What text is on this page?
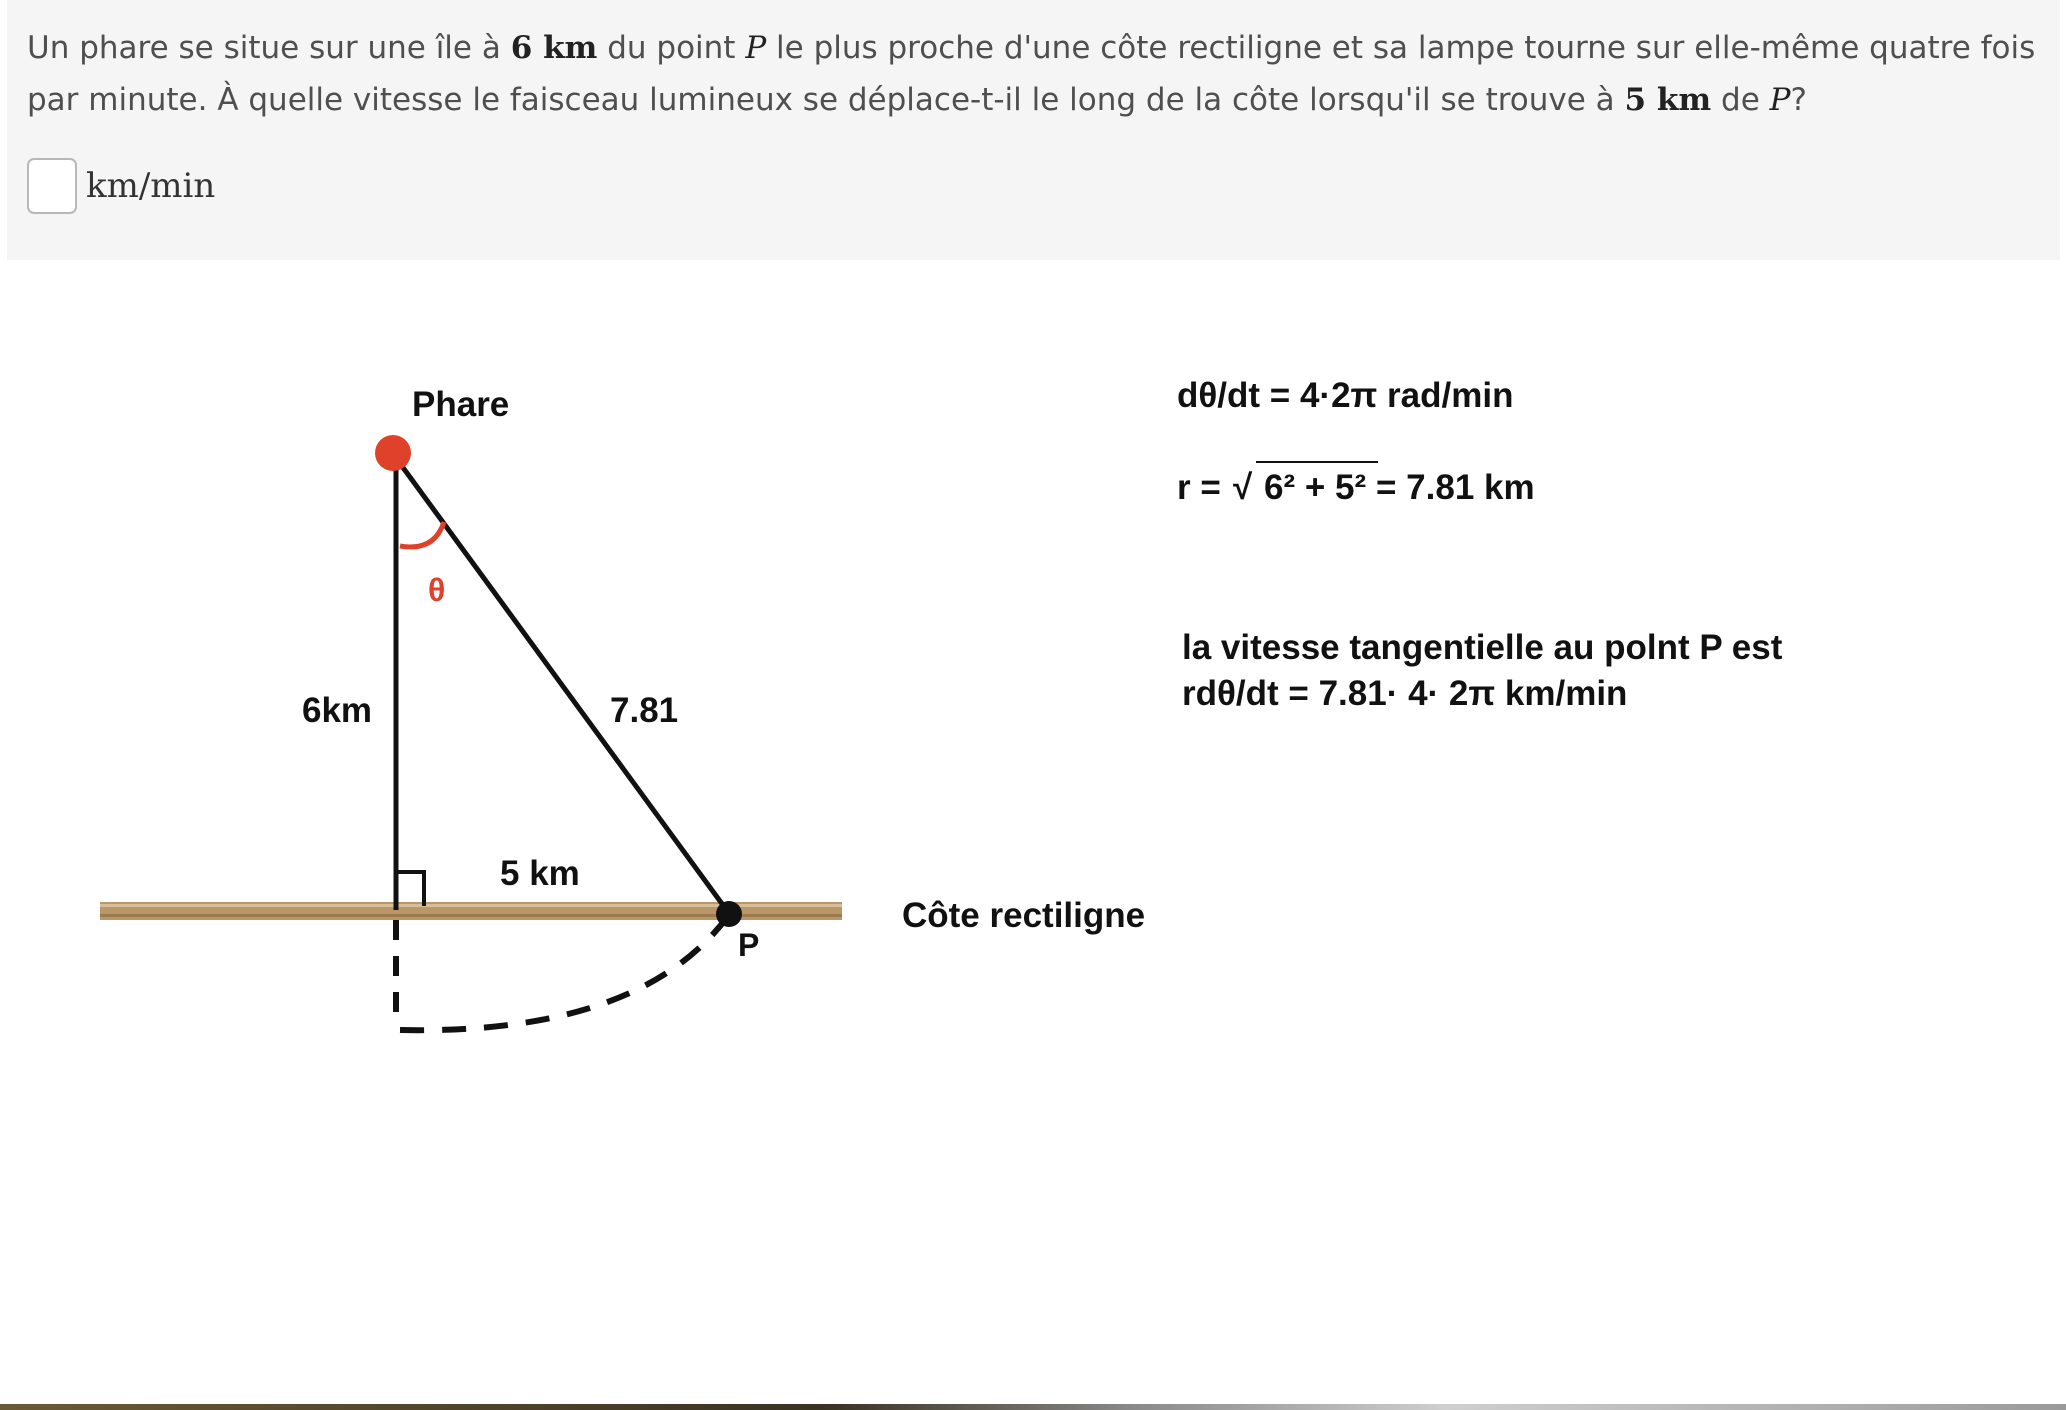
Un phare se situe sur une île à 6 km du point P le plus proche d'une côte rectiligne et sa lampe tourne sur elle-même quatre fois par minute. À quelle vitesse le faisceau lumineux se déplace-t-il le long de la côte lorsqu'il se trouve à 5 km de P?

km/min
Phare
θ
6km	7.81
5 km
P
Côte rectiligne
dθ/dt = 4·2π rad/min
r = √ 6² + 5² = 7.81 km
la vitesse tangentielle au polnt P est
rdθ/dt = 7.81· 4· 2π km/min
